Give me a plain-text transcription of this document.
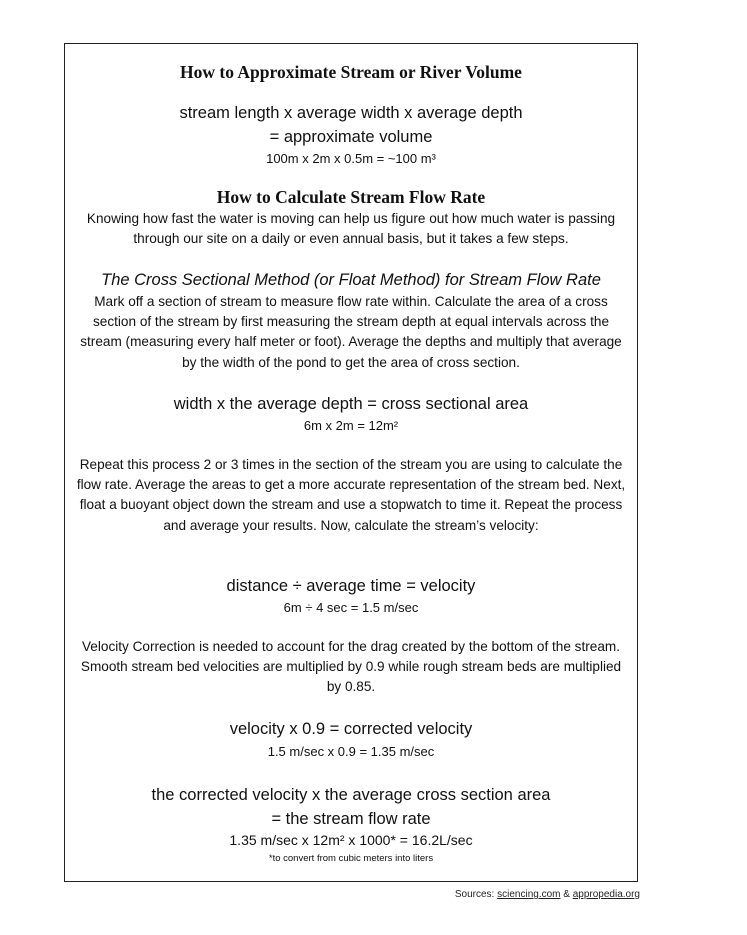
How to Approximate Stream or River Volume

stream length x average width x average depth

= approximate volume

100m x 2m x 0.5m = ~100 m³

How to Calculate Stream Flow Rate

Knowing how fast the water is moving can help us figure out how much water is passing through our site on a daily or even annual basis, but it takes a few steps.

The Cross Sectional Method (or Float Method) for Stream Flow Rate

Mark off a section of stream to measure flow rate within. Calculate the area of a cross section of the stream by first measuring the stream depth at equal intervals across the stream (measuring every half meter or foot). Average the depths and multiply that average by the width of the pond to get the area of cross section.

width x the average depth = cross sectional area

6m x 2m = 12m²

Repeat this process 2 or 3 times in the section of the stream you are using to calculate the flow rate. Average the areas to get a more accurate representation of the stream bed. Next, float a buoyant object down the stream and use a stopwatch to time it. Repeat the process and average your results. Now, calculate the stream’s velocity:

distance ÷ average time = velocity

6m ÷ 4 sec = 1.5 m/sec

Velocity Correction is needed to account for the drag created by the bottom of the stream. Smooth stream bed velocities are multiplied by 0.9 while rough stream beds are multiplied by 0.85.

velocity x 0.9 = corrected velocity

1.5 m/sec x 0.9 = 1.35 m/sec

the corrected velocity x the average cross section area

= the stream flow rate

1.35 m/sec x 12m² x 1000* = 16.2L/sec

*to convert from cubic meters into liters

Sources: sciencing.com & appropedia.org
